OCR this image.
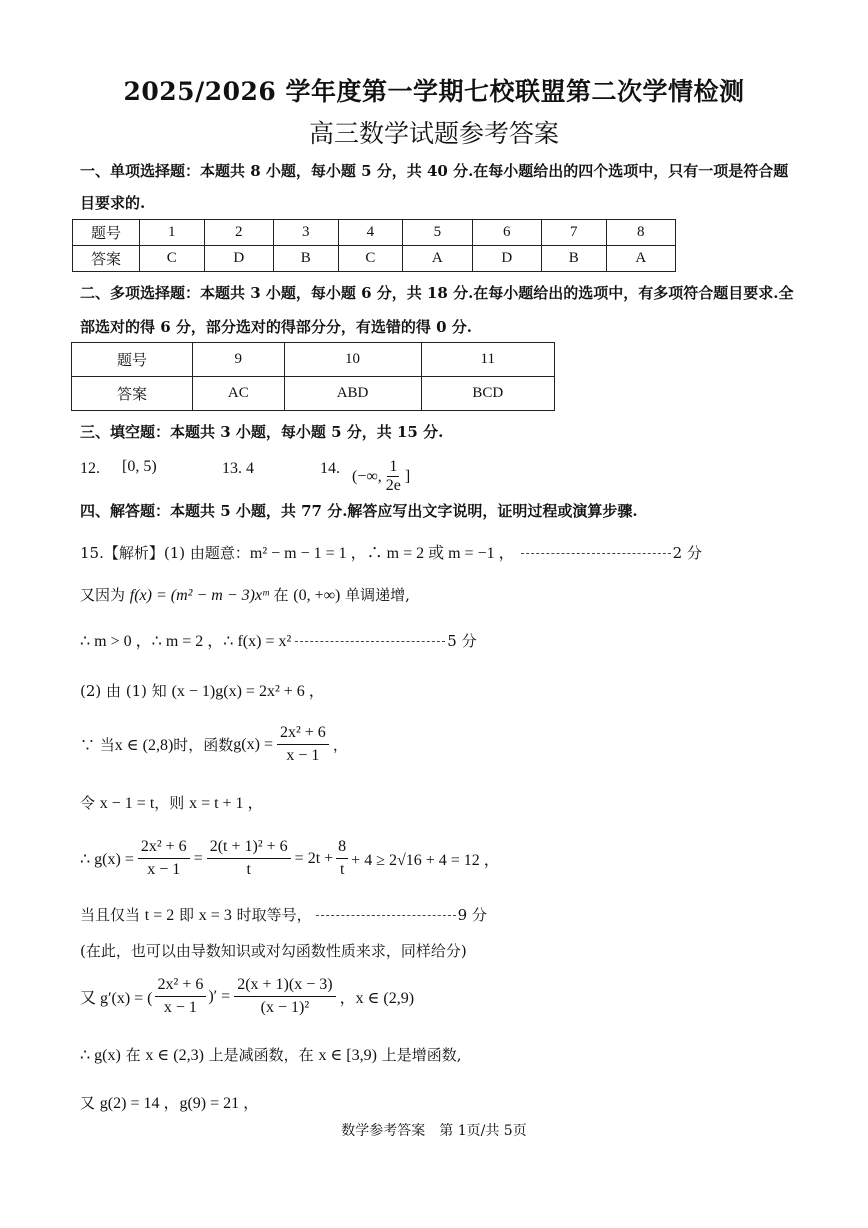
2025/2026 学年度第一学期七校联盟第二次学情检测
高三数学试题参考答案
一、单项选择题：本题共 8 小题，每小题 5 分，共 40 分.在每小题给出的四个选项中，只有一项是符合题
目要求的.
题号	1	2	3	4	5	6	7	8
答案	C	D	B	C	A	D	B	A
二、多项选择题：本题共 3 小题，每小题 6 分，共 18 分.在每小题给出的选项中，有多项符合题目要求.全
部选对的得 6 分，部分选对的得部分分，有选错的得 0 分.
题号	9	10	11
答案	AC	ABD	BCD
三、填空题：本题共 3 小题，每小题 5 分，共 15 分.
12. [0, 5)	13. 4	14. (−∞, $\frac{1}{2e}$ ]
四、解答题：本题共 5 小题，共 77 分.解答应写出文字说明，证明过程或演算步骤.
15.【解析】(1) 由题意：m² − m − 1 = 1 ，∴ m = 2 或 m = −1 ，	2 分
又因为 f(x) = (m² − m − 3)xᵐ 在 (0, +∞) 单调递增,
∴ m > 0 ，∴ m = 2 ，∴ f(x) = x²	5 分
(2) 由 (1) 知 (x − 1)g(x) = 2x² + 6 ，
∵ 当 x ∈ (2,8) 时，函数 $g(x) = \frac{\text{2x² + 6}}{x - 1}$ ，
令 x − 1 = t，则 x = t + 1 ，
∴ $g(x) = \frac{\text{2x² + 6}}{x - 1} = \frac{\text{2(t + 1)² + 6}}{t} = 2t + \frac{8}{t} + 4 \ge 2√16 + 4 = 12$ ，
当且仅当 t = 2 即 x = 3 时取等号，	9 分
(在此，也可以由导数知识或对勾函数性质来求，同样给分)
又 g′(x) = ( $\frac{\text{2x² + 6}}{x - 1}$ )′ = $\frac{2(x + 1)(x - 3)}{\text{(x − 1)²}}$ ，x ∈ (2,9)
∴ g(x) 在 x ∈ (2,3) 上是减函数，在 x ∈ [3,9) 上是增函数,
又 g(2) = 14 ，g(9) = 21 ，
数学参考答案　第 1页/共 5页
